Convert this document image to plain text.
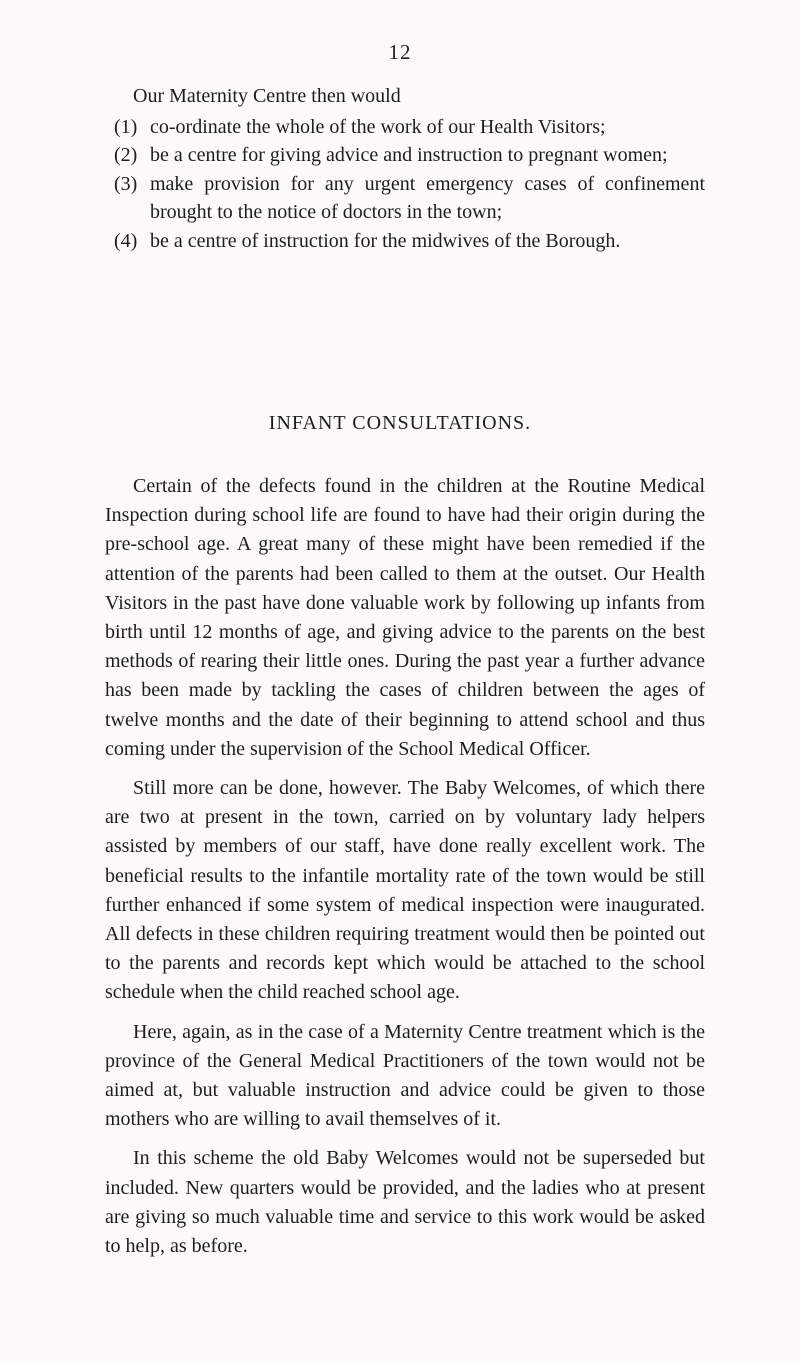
12
Our Maternity Centre then would
(1) co-ordinate the whole of the work of our Health Visitors;
(2) be a centre for giving advice and instruction to pregnant women;
(3) make provision for any urgent emergency cases of confinement brought to the notice of doctors in the town;
(4) be a centre of instruction for the midwives of the Borough.
INFANT CONSULTATIONS.

Certain of the defects found in the children at the Routine Medical Inspection during school life are found to have had their origin during the pre-school age. A great many of these might have been remedied if the attention of the parents had been called to them at the outset. Our Health Visitors in the past have done valuable work by following up infants from birth until 12 months of age, and giving advice to the parents on the best methods of rearing their little ones. During the past year a further advance has been made by tackling the cases of children between the ages of twelve months and the date of their beginning to attend school and thus coming under the supervision of the School Medical Officer.

Still more can be done, however. The Baby Welcomes, of which there are two at present in the town, carried on by voluntary lady helpers assisted by members of our staff, have done really excellent work. The beneficial results to the infantile mortality rate of the town would be still further enhanced if some system of medical inspection were inaugurated. All defects in these children requiring treatment would then be pointed out to the parents and records kept which would be attached to the school schedule when the child reached school age.

Here, again, as in the case of a Maternity Centre treatment which is the province of the General Medical Practitioners of the town would not be aimed at, but valuable instruction and advice could be given to those mothers who are willing to avail themselves of it.

In this scheme the old Baby Welcomes would not be superseded but included. New quarters would be provided, and the ladies who at present are giving so much valuable time and service to this work would be asked to help, as before.
